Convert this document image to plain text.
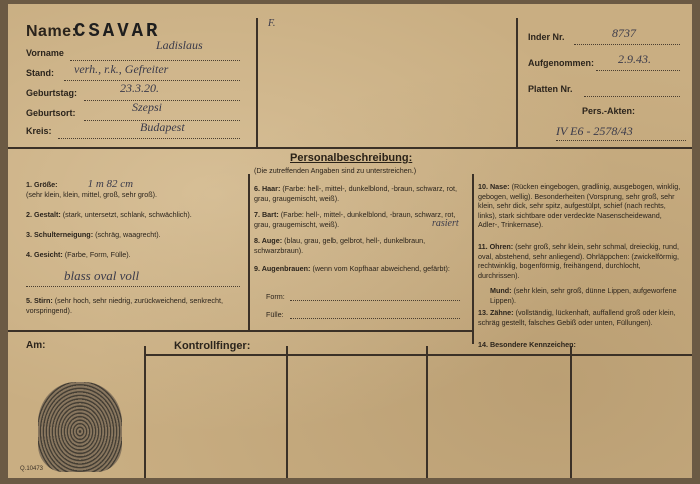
Name:
CSAVAR
Vorname
Ladislaus
Stand: verh., r.k., Gefreiter
Geburtstag:	23.3.20.
Geburtsort:	Szepsi
Kreis:	Budapest
F.
Inder Nr.	8737
Aufgenommen: 2.9.43.
Platten Nr.
Pers.-Akten:
IV E6 - 2578/43
Personalbeschreibung:
(Die zutreffenden Angaben sind zu unterstreichen.)
1. Größe:	1 m 82 cm
(sehr klein, klein, mittel, groß, sehr groß).
2. Gestalt: (stark, untersetzt, schlank, schwächlich).
3. Schulterneigung: (schräg, waagrecht).
4. Gesicht: (Farbe, Form, Fülle).
blass oval voll
5. Stirn: (sehr hoch, sehr niedrig, zurückweichend, senkrecht, vorspringend).
6. Haar: (Farbe: hell-, mittel-, dunkelblond, -braun, schwarz, rot, grau, graugemischt, weiß).
7. Bart: (Farbe: hell-, mittel-, dunkelblond, -braun, schwarz, rot, grau, graugemischt, weiß).	rasiert
8. Auge: (blau, grau, gelb, gelbrot, hell-, dunkelbraun, schwarzbraun).
9. Augenbrauen: (wenn vom Kopfhaar abweichend, gefärbt):
Form:
Fülle:
10. Nase: (Rücken eingebogen, gradlinig, ausgebogen, winklig, gebogen, wellig). Besonderheiten (Vorsprung, sehr groß, sehr klein, sehr dick, sehr spitz, aufgestülpt, schief (nach rechts, links), stark sichtbare oder verdeckte Nasenscheidewand, Adler-, Trinkernase).
11. Ohren: (sehr groß, sehr klein, sehr schmal, dreieckig, rund, oval, abstehend, sehr anliegend). Ohrläppchen: (zwickelförmig, rechtwinklig, bogenförmig, freihängend, durchlocht, durchrissen).
Mund: (sehr klein, sehr groß, dünne Lippen, aufgeworfene Lippen).
13. Zähne: (vollständig, lückenhaft, auffallend groß oder klein, schräg gestellt, falsches Gebiß oder unten, Füllungen).
14. Besondere Kennzeichen:
Am:	Kontrollfinger:
Q.10473
